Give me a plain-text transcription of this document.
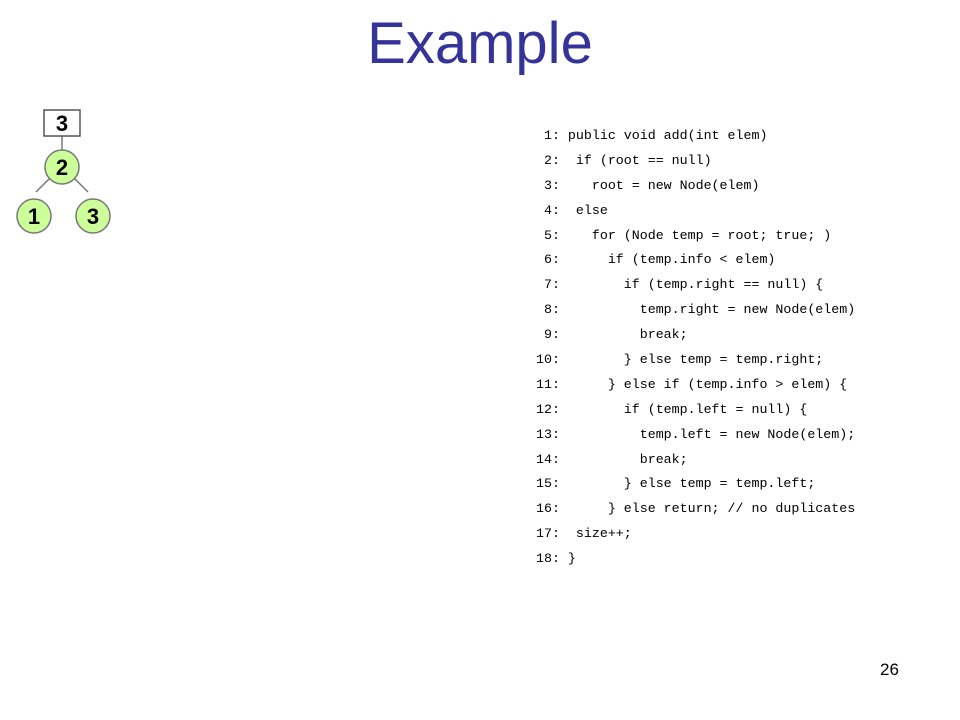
Example
3
2
1 3
1: public void add(int elem)
2:  if (root == null)
3:    root = new Node(elem)
4:  else
5:    for (Node temp = root; true; )
6:      if (temp.info < elem)
7:        if (temp.right == null) {
8:          temp.right = new Node(elem)
9:          break;
10:        } else temp = temp.right;
11:      } else if (temp.info > elem) {
12:        if (temp.left = null) {
13:          temp.left = new Node(elem);
14:          break;
15:        } else temp = temp.left;
16:      } else return; // no duplicates
17:  size++;
18: }
26
